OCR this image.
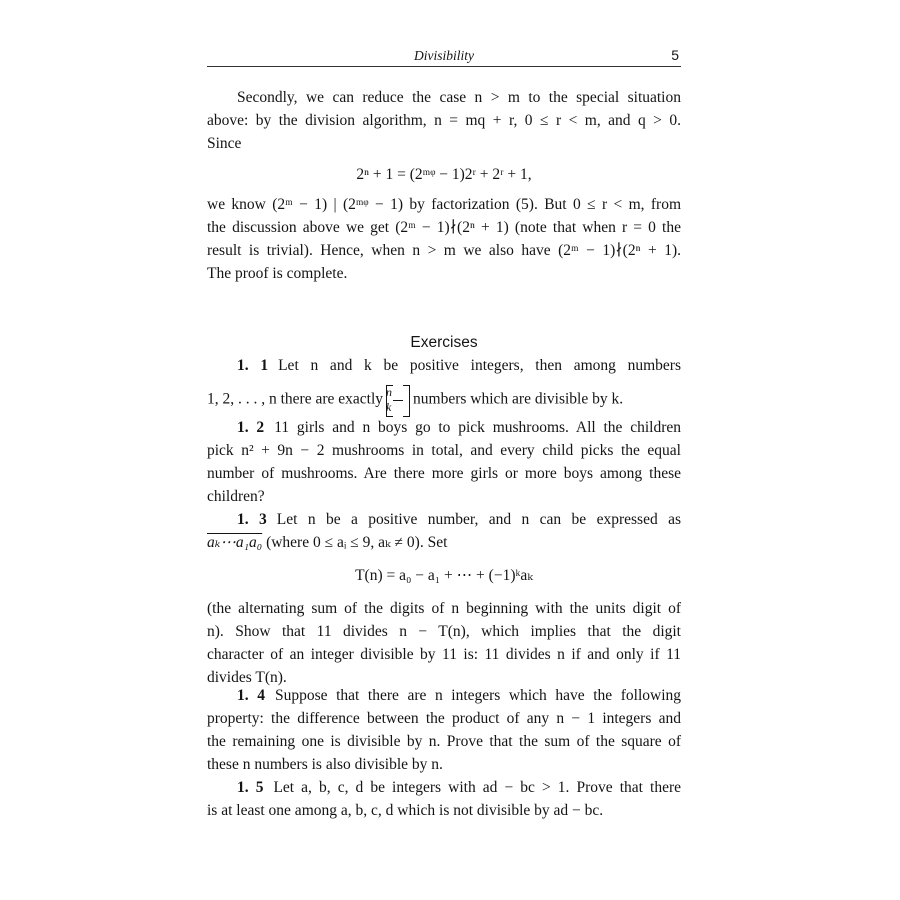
Divisibility	5
Secondly, we can reduce the case n > m to the special situation
above: by the division algorithm, n = mq + r, 0 ≤ r < m, and q > 0.
Since
2ⁿ + 1 = (2ᵐᵠ − 1)2ʳ + 2ʳ + 1,
we know (2ᵐ − 1) | (2ᵐᵠ − 1) by factorization (5). But 0 ≤ r < m, from
the discussion above we get (2ᵐ − 1)∤(2ⁿ + 1) (note that when r = 0 the
result is trivial). Hence, when n > m we also have (2ᵐ − 1)∤(2ⁿ + 1).
The proof is complete.
Exercises
1. 1 Let n and k be positive integers, then among numbers
1, 2, . . . , n there are exactly $\frac{n}{k}$ numbers which are divisible by k.
1. 2 11 girls and n boys go to pick mushrooms. All the children
pick n² + 9n − 2 mushrooms in total, and every child picks the equal
number of mushrooms. Are there more girls or more boys among these
children?
1. 3 Let n be a positive number, and n can be expressed as
aₖ⋯a₁a₀ (where 0 ≤ aᵢ ≤ 9, aₖ ≠ 0). Set
T(n) = a₀ − a₁ + ⋯ + (−1)ᵏaₖ
(the alternating sum of the digits of n beginning with the units digit of
n). Show that 11 divides n − T(n), which implies that the digit
character of an integer divisible by 11 is: 11 divides n if and only if 11
divides T(n).
1. 4 Suppose that there are n integers which have the following
property: the difference between the product of any n − 1 integers and
the remaining one is divisible by n. Prove that the sum of the square of
these n numbers is also divisible by n.
1. 5 Let a, b, c, d be integers with ad − bc > 1. Prove that there
is at least one among a, b, c, d which is not divisible by ad − bc.
